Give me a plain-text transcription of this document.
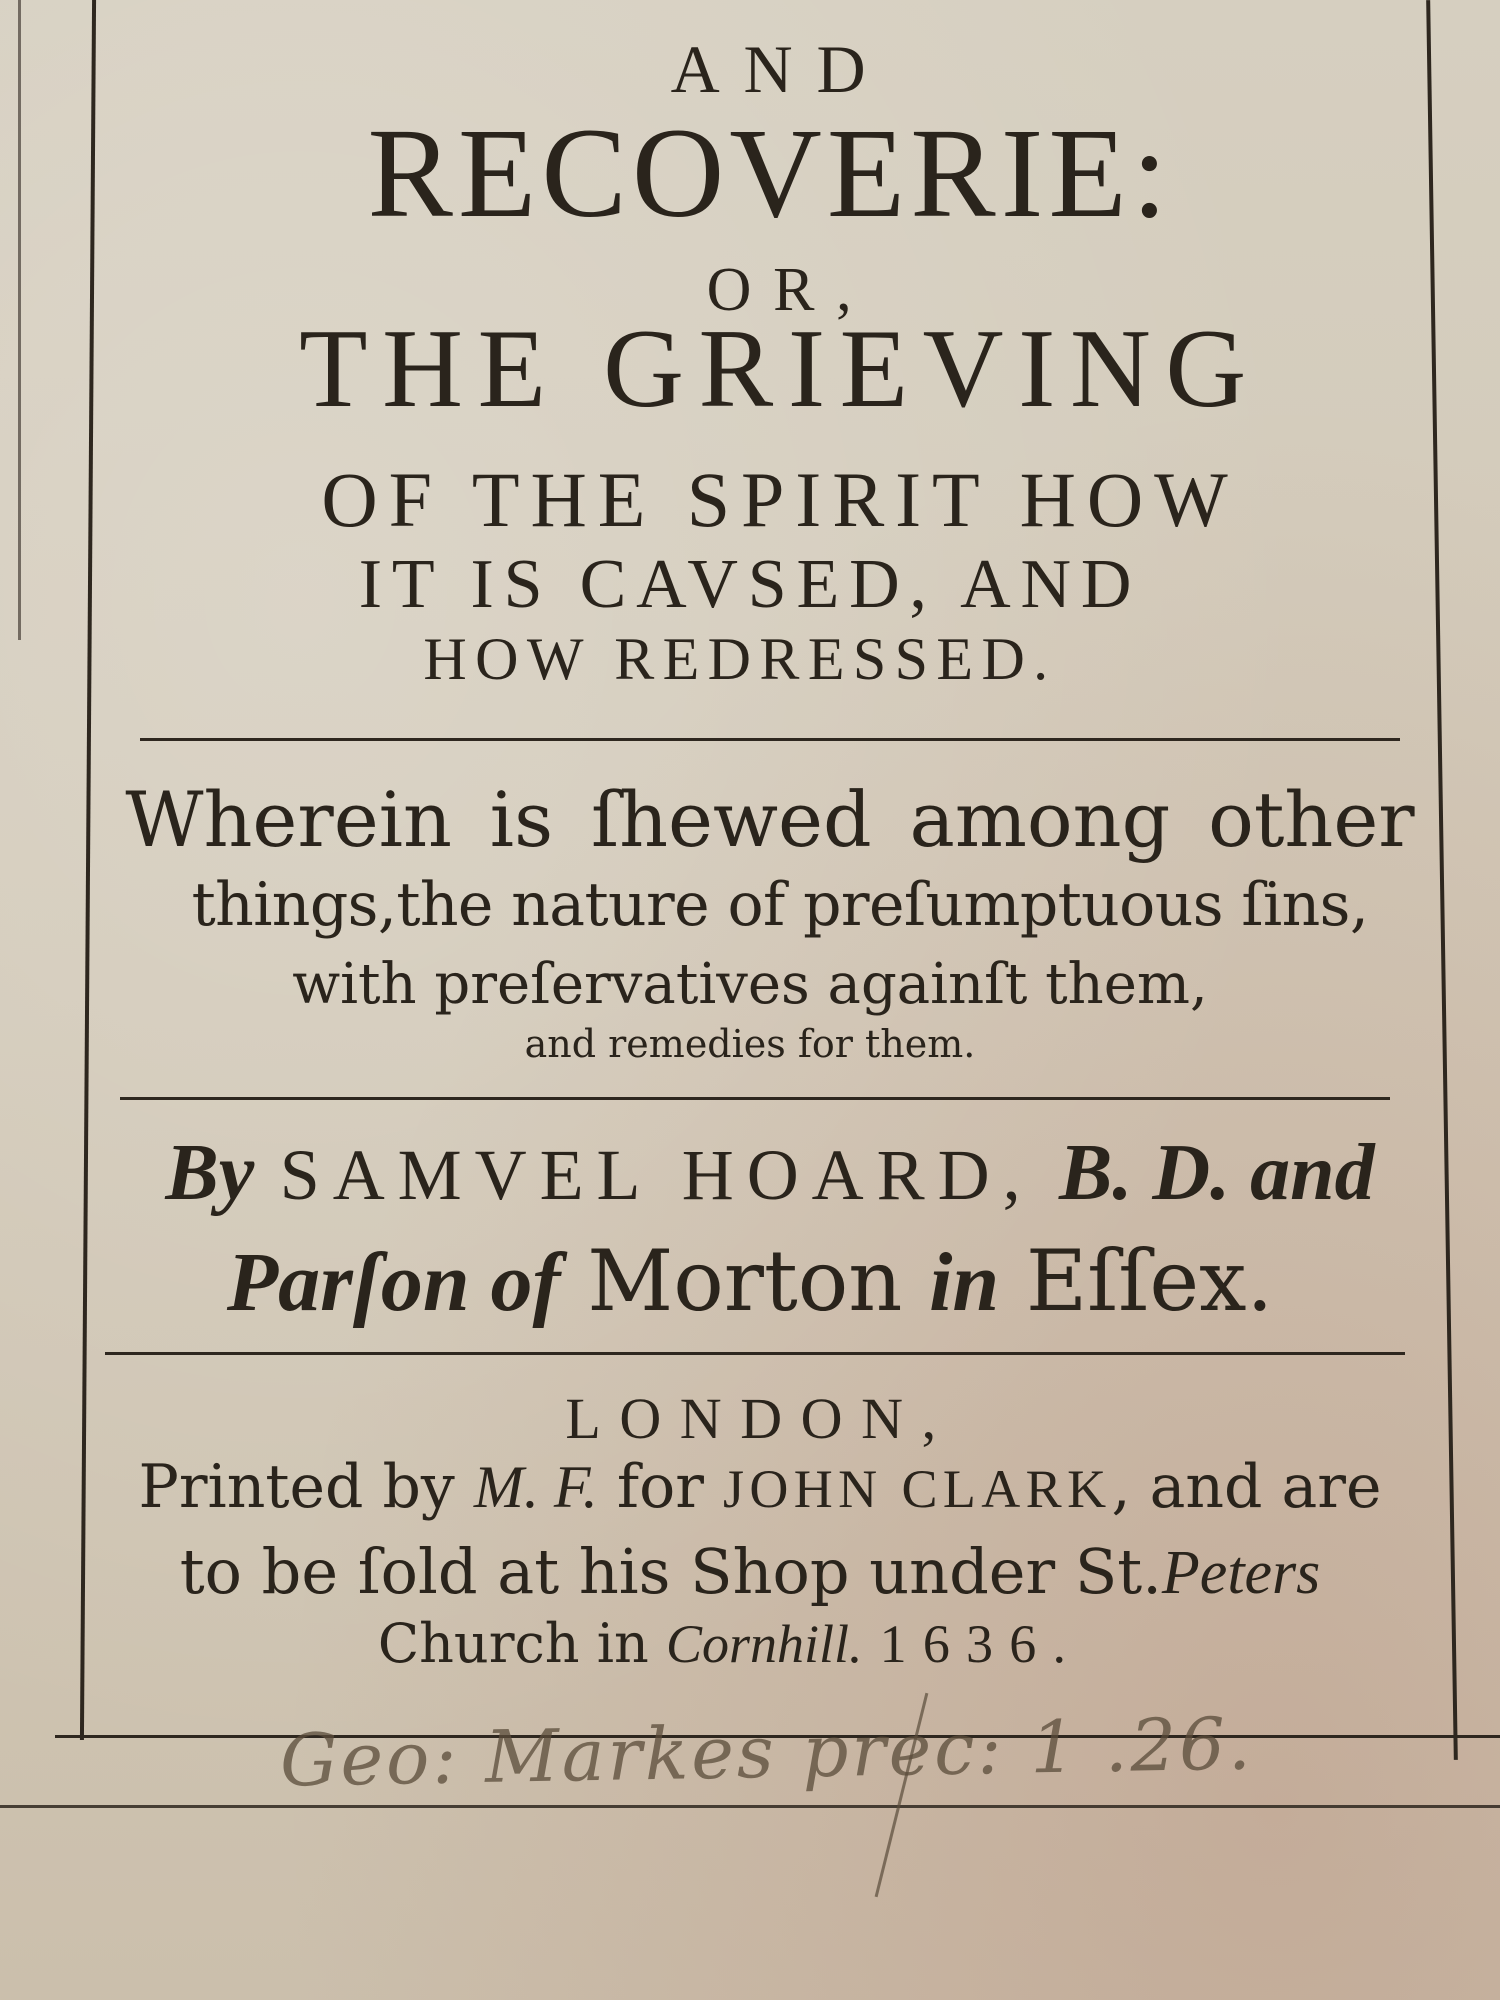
AND
RECOVERIE:
OR,
THE GRIEVING
OF THE SPIRIT HOW
IT IS CAVSED, AND
HOW REDRESSED.
Wherein is ſhewed among other
things,the nature of preſumptuous ſins,
with preſervatives againſt them,
and remedies for them.
By SAMVEL HOARD, B. D. and
Parſon of Morton in Eſſex.
LONDON,
Printed by M. F. for JOHN CLARK, and are
to be ſold at his Shop under St.Peters
Church in Cornhill. 1636.
Geo: Markes prec: 1 .26.
